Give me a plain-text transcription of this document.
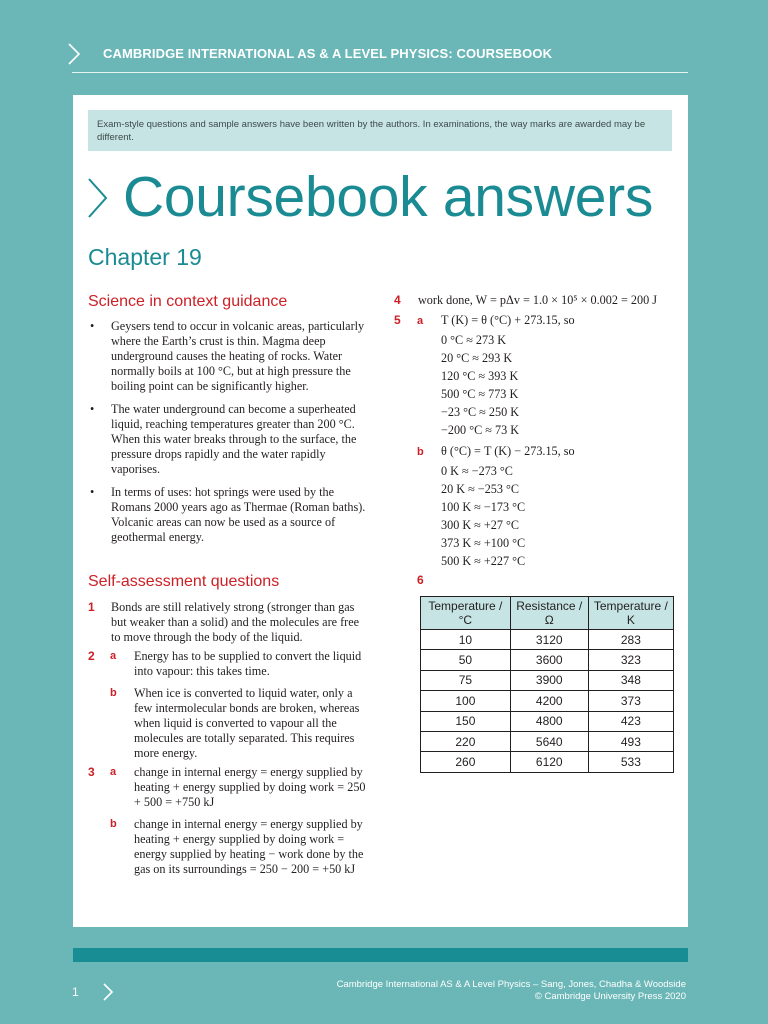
CAMBRIDGE INTERNATIONAL AS & A LEVEL PHYSICS: COURSEBOOK
Exam-style questions and sample answers have been written by the authors. In examinations, the way marks are awarded may be different.
Coursebook answers
Chapter 19
Science in context guidance
• Geysers tend to occur in volcanic areas, particularly where the Earth’s crust is thin. Magma deep underground causes the heating of rocks. Water normally boils at 100 °C, but at high pressure the boiling point can be significantly higher.
• The water underground can become a superheated liquid, reaching temperatures greater than 200 °C. When this water breaks through to the surface, the pressure drops rapidly and the water rapidly vaporises.
• In terms of uses: hot springs were used by the Romans 2000 years ago as Thermae (Roman baths). Volcanic areas can now be used as a source of geothermal energy.
Self-assessment questions
1 Bonds are still relatively strong (stronger than gas but weaker than a solid) and the molecules are free to move through the body of the liquid.
2 a Energy has to be supplied to convert the liquid into vapour: this takes time.
b When ice is converted to liquid water, only a few intermolecular bonds are broken, whereas when liquid is converted to vapour all the molecules are totally separated. This requires more energy.
3 a change in internal energy = energy supplied by heating + energy supplied by doing work = 250 + 500 = +750 kJ
b change in internal energy = energy supplied by heating + energy supplied by doing work = energy supplied by heating − work done by the gas on its surroundings = 250 − 200 = +50 kJ
4 work done, W = pΔv = 1.0 × 10⁵ × 0.002 = 200 J
5 a T (K) = θ (°C) + 273.15, so
0 °C ≈ 273 K
20 °C ≈ 293 K
120 °C ≈ 393 K
500 °C ≈ 773 K
−23 °C ≈ 250 K
−200 °C ≈ 73 K
b θ (°C) = T (K) − 273.15, so
0 K ≈ −273 °C
20 K ≈ −253 °C
100 K ≈ −173 °C
300 K ≈ +27 °C
373 K ≈ +100 °C
500 K ≈ +227 °C
6
Temperature / °C	Resistance / Ω	Temperature / K
10	3120	283
50	3600	323
75	3900	348
100	4200	373
150	4800	423
220	5640	493
260	6120	533
1
Cambridge International AS & A Level Physics – Sang, Jones, Chadha & Woodside
© Cambridge University Press 2020
